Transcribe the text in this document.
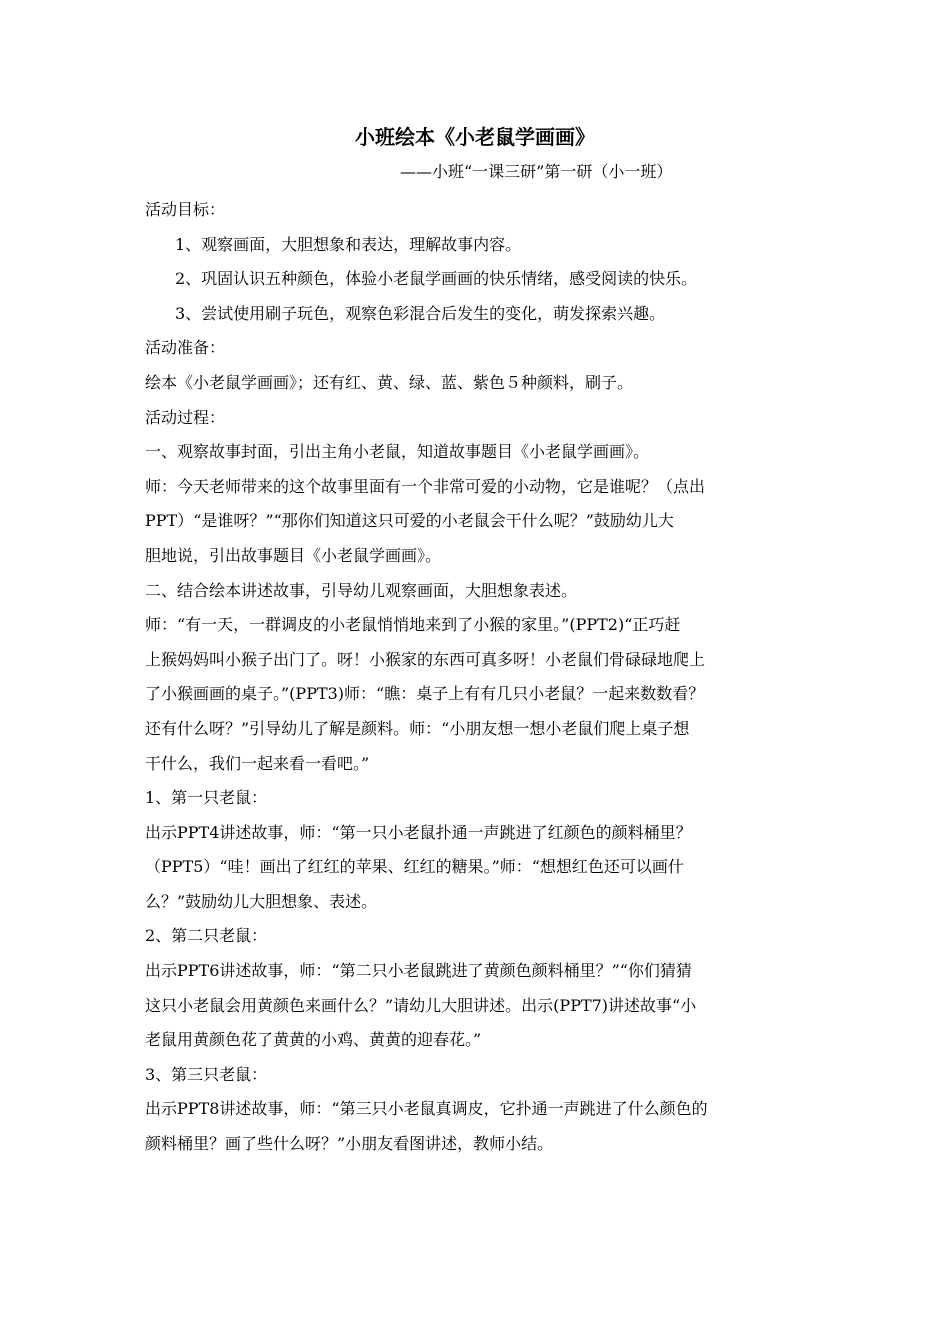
小班绘本《小老鼠学画画》
——小班“一课三研”第一研（小一班）

活动目标：

1、观察画面，大胆想象和表达，理解故事内容。

2、巩固认识五种颜色，体验小老鼠学画画的快乐情绪，感受阅读的快乐。

3、尝试使用刷子玩色，观察色彩混合后发生的变化，萌发探索兴趣。

活动准备：

绘本《小老鼠学画画》；还有红、黄、绿、蓝、紫色５种颜料，刷子。

活动过程：

一、观察故事封面，引出主角小老鼠，知道故事题目《小老鼠学画画》。

师：今天老师带来的这个故事里面有一个非常可爱的小动物，它是谁呢？（点出

PPT）“是谁呀？”“那你们知道这只可爱的小老鼠会干什么呢？”鼓励幼儿大

胆地说，引出故事题目《小老鼠学画画》。

二、结合绘本讲述故事，引导幼儿观察画面，大胆想象表述。

师：“有一天，一群调皮的小老鼠悄悄地来到了小猴的家里。”(PPT2)“正巧赶

上猴妈妈叫小猴子出门了。呀！小猴家的东西可真多呀！小老鼠们骨碌碌地爬上

了小猴画画的桌子。”(PPT3)师：“瞧：桌子上有有几只小老鼠？一起来数数看？

还有什么呀？”引导幼儿了解是颜料。师：“小朋友想一想小老鼠们爬上桌子想

干什么，我们一起来看一看吧。”

1、第一只老鼠：

出示PPT4讲述故事，师：“第一只小老鼠扑通一声跳进了红颜色的颜料桶里？

（PPT5）“哇！画出了红红的苹果、红红的糖果。”师：“想想红色还可以画什

么？”鼓励幼儿大胆想象、表述。

2、第二只老鼠：

出示PPT6讲述故事，师：“第二只小老鼠跳进了黄颜色颜料桶里？”“你们猜猜

这只小老鼠会用黄颜色来画什么？”请幼儿大胆讲述。出示(PPT7)讲述故事“小

老鼠用黄颜色花了黄黄的小鸡、黄黄的迎春花。”

3、第三只老鼠：

出示PPT8讲述故事，师：“第三只小老鼠真调皮，它扑通一声跳进了什么颜色的

颜料桶里？画了些什么呀？”小朋友看图讲述，教师小结。
